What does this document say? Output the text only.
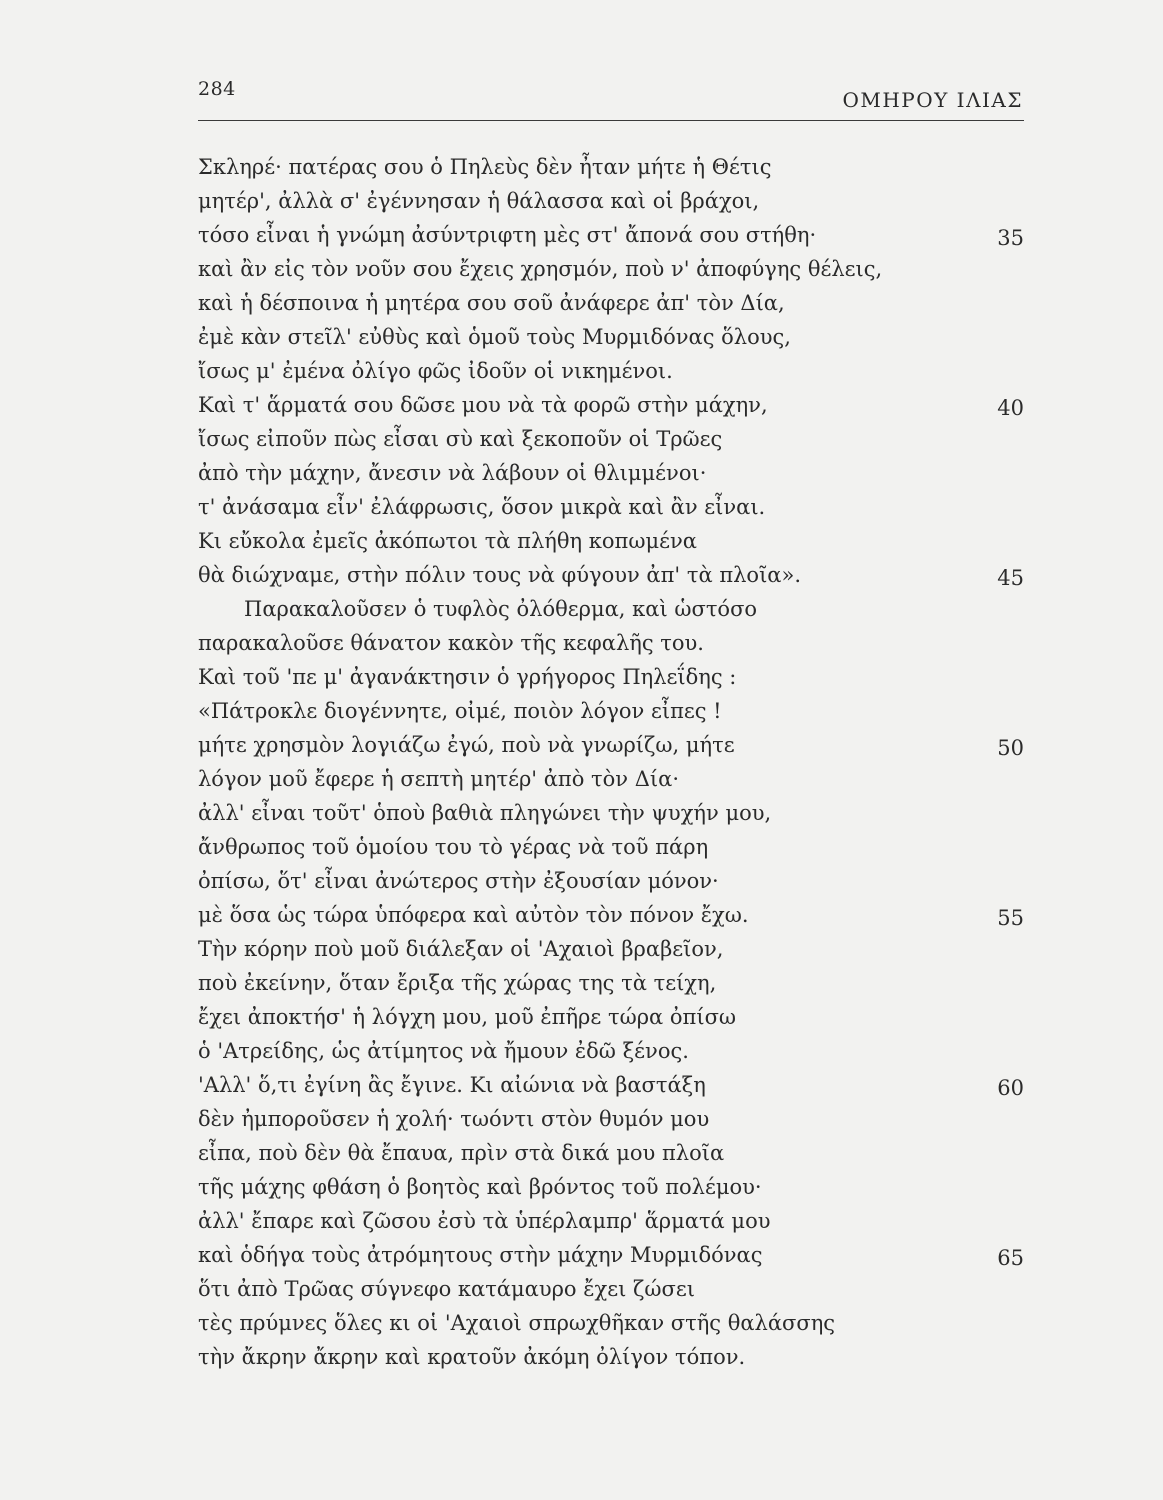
284	ΟΜΗΡΟΥ ΙΛΙΑΣ
Σκληρέ· πατέρας σου ὁ Πηλεὺς δὲν ἦταν μήτε ἡ Θέτις
μητέρ', ἀλλὰ σ' ἐγέννησαν ἡ θάλασσα καὶ οἱ βράχοι,
τόσο εἶναι ἡ γνώμη ἀσύντριφτη μὲς στ' ἄπονά σου στήθη·	35
καὶ ἂν εἰς τὸν νοῦν σου ἔχεις χρησμόν, ποὺ ν' ἀποφύγης θέλεις,
καὶ ἡ δέσποινα ἡ μητέρα σου σοῦ ἀνάφερε ἀπ' τὸν Δία,
ἐμὲ κὰν στεῖλ' εὐθὺς καὶ ὁμοῦ τοὺς Μυρμιδόνας ὅλους,
ἴσως μ' ἐμένα ὀλίγο φῶς ἰδοῦν οἱ νικημένοι.
Καὶ τ' ἅρματά σου δῶσε μου νὰ τὰ φορῶ στὴν μάχην,	40
ἴσως εἰποῦν πὼς εἶσαι σὺ καὶ ξεκοποῦν οἱ Τρῶες
ἀπὸ τὴν μάχην, ἄνεσιν νὰ λάβουν οἱ θλιμμένοι·
τ' ἀνάσαμα εἶν' ἐλάφρωσις, ὅσον μικρὰ καὶ ἂν εἶναι.
Κι εὔκολα ἐμεῖς ἀκόπωτοι τὰ πλήθη κοπωμένα
θὰ διώχναμε, στὴν πόλιν τους νὰ φύγουν ἀπ' τὰ πλοῖα».	45
Παρακαλοῦσεν ὁ τυφλὸς ὀλόθερμα, καὶ ὡστόσο
παρακαλοῦσε θάνατον κακὸν τῆς κεφαλῆς του.
Καὶ τοῦ 'πε μ' ἀγανάκτησιν ὁ γρήγορος Πηλεΐδης :
«Πάτροκλε διογέννητε, οἰμέ, ποιὸν λόγον εἶπες !
μήτε χρησμὸν λογιάζω ἐγώ, ποὺ νὰ γνωρίζω, μήτε	50
λόγον μοῦ ἔφερε ἡ σεπτὴ μητέρ' ἀπὸ τὸν Δία·
ἀλλ' εἶναι τοῦτ' ὁποὺ βαθιὰ πληγώνει τὴν ψυχήν μου,
ἄνθρωπος τοῦ ὁμοίου του τὸ γέρας νὰ τοῦ πάρη
ὀπίσω, ὅτ' εἶναι ἀνώτερος στὴν ἐξουσίαν μόνον·
μὲ ὅσα ὡς τώρα ὑπόφερα καὶ αὐτὸν τὸν πόνον ἔχω.	55
Τὴν κόρην ποὺ μοῦ διάλεξαν οἱ 'Αχαιοὶ βραβεῖον,
ποὺ ἐκείνην, ὅταν ἔριξα τῆς χώρας της τὰ τείχη,
ἔχει ἀποκτήσ' ἡ λόγχη μου, μοῦ ἐπῆρε τώρα ὀπίσω
ὁ 'Ατρείδης, ὡς ἀτίμητος νὰ ἤμουν ἐδῶ ξένος.
'Αλλ' ὅ,τι ἐγίνη ἂς ἔγινε. Κι αἰώνια νὰ βαστάξη	60
δὲν ἠμποροῦσεν ἡ χολή· τωόντι στὸν θυμόν μου
εἶπα, ποὺ δὲν θὰ ἔπαυα, πρὶν στὰ δικά μου πλοῖα
τῆς μάχης φθάση ὁ βοητὸς καὶ βρόντος τοῦ πολέμου·
ἀλλ' ἔπαρε καὶ ζῶσου ἐσὺ τὰ ὑπέρλαμπρ' ἅρματά μου
καὶ ὁδήγα τοὺς ἀτρόμητους στὴν μάχην Μυρμιδόνας	65
ὅτι ἀπὸ Τρῶας σύγνεφο κατάμαυρο ἔχει ζώσει
τὲς πρύμνες ὅλες κι οἱ 'Αχαιοὶ σπρωχθῆκαν στῆς θαλάσσης
τὴν ἄκρην ἄκρην καὶ κρατοῦν ἀκόμη ὀλίγον τόπον.
